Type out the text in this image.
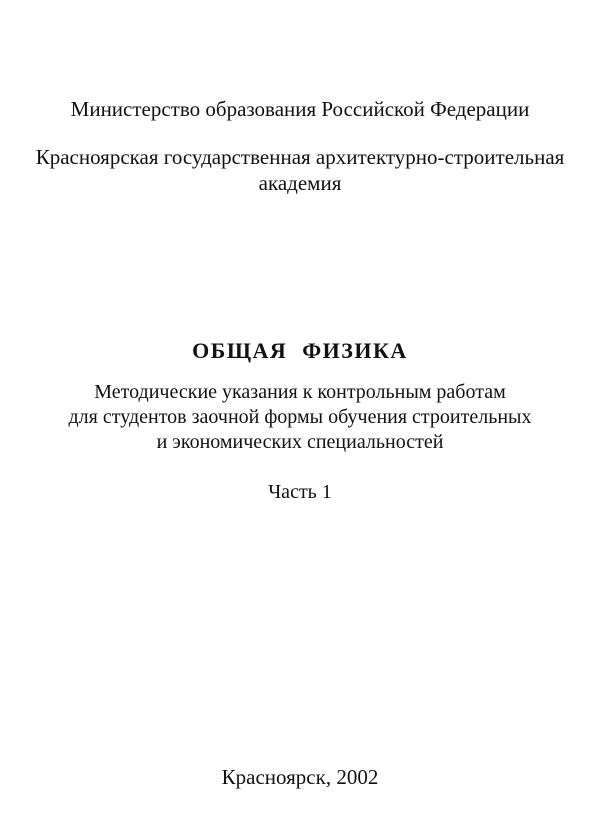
Министерство образования Российской Федерации
Красноярская государственная архитектурно-строительная
академия
ОБЩАЯ ФИЗИКА
Методические указания к контрольным работам
для студентов заочной формы обучения строительных
и экономических специальностей
Часть 1
Красноярск, 2002
